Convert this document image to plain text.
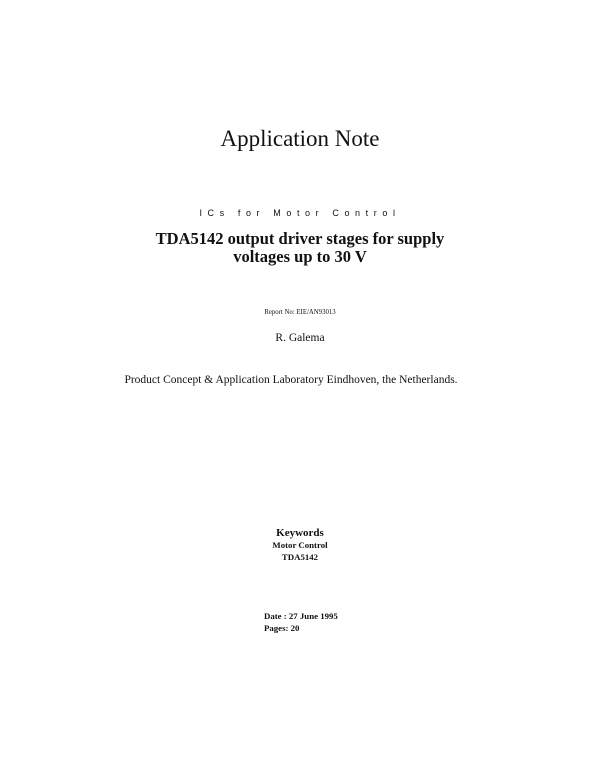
Application Note
ICs for Motor Control
TDA5142 output driver stages for supply
voltages up to 30 V
Report No: EIE/AN93013
R. Galema
Product Concept & Application Laboratory Eindhoven, the Netherlands.
Keywords
Motor Control
TDA5142
Date : 27 June 1995
Pages: 20
